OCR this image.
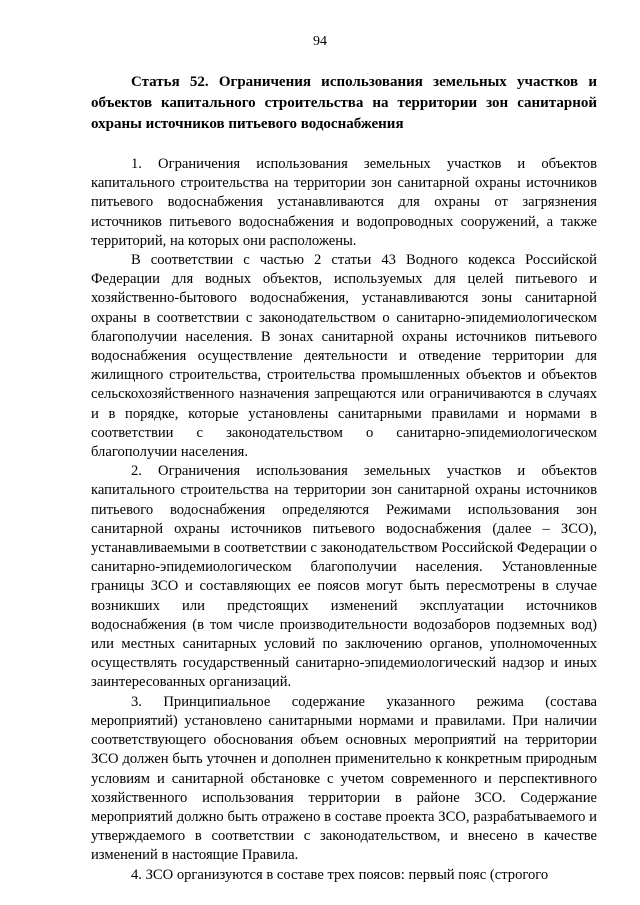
94

Статья 52. Ограничения использования земельных участков и объектов капитального строительства на территории зон санитарной охраны источников питьевого водоснабжения

1. Ограничения использования земельных участков и объектов капитального строительства на территории зон санитарной охраны источников питьевого водоснабжения устанавливаются для охраны от загрязнения источников питьевого водоснабжения и водопроводных сооружений, а также территорий, на которых они расположены.

В соответствии с частью 2 статьи 43 Водного кодекса Российской Федерации для водных объектов, используемых для целей питьевого и хозяйственно-бытового водоснабжения, устанавливаются зоны санитарной охраны в соответствии с законодательством о санитарно-эпидемиологическом благополучии населения. В зонах санитарной охраны источников питьевого водоснабжения осуществление деятельности и отведение территории для жилищного строительства, строительства промышленных объектов и объектов сельскохозяйственного назначения запрещаются или ограничиваются в случаях и в порядке, которые установлены санитарными правилами и нормами в соответствии с законодательством о санитарно-эпидемиологическом благополучии населения.

2. Ограничения использования земельных участков и объектов капитального строительства на территории зон санитарной охраны источников питьевого водоснабжения определяются Режимами использования зон санитарной охраны источников питьевого водоснабжения (далее – ЗСО), устанавливаемыми в соответствии с законодательством Российской Федерации о санитарно-эпидемиологическом благополучии населения. Установленные границы ЗСО и составляющих ее поясов могут быть пересмотрены в случае возникших или предстоящих изменений эксплуатации источников водоснабжения (в том числе производительности водозаборов подземных вод) или местных санитарных условий по заключению органов, уполномоченных осуществлять государственный санитарно-эпидемиологический надзор и иных заинтересованных организаций.

3. Принципиальное содержание указанного режима (состава мероприятий) установлено санитарными нормами и правилами. При наличии соответствующего обоснования объем основных мероприятий на территории ЗСО должен быть уточнен и дополнен применительно к конкретным природным условиям и санитарной обстановке с учетом современного и перспективного хозяйственного использования территории в районе ЗСО. Содержание мероприятий должно быть отражено в составе проекта ЗСО, разрабатываемого и утверждаемого в соответствии с законодательством, и внесено в качестве изменений в настоящие Правила.

4. ЗСО организуются в составе трех поясов: первый пояс (строгого
